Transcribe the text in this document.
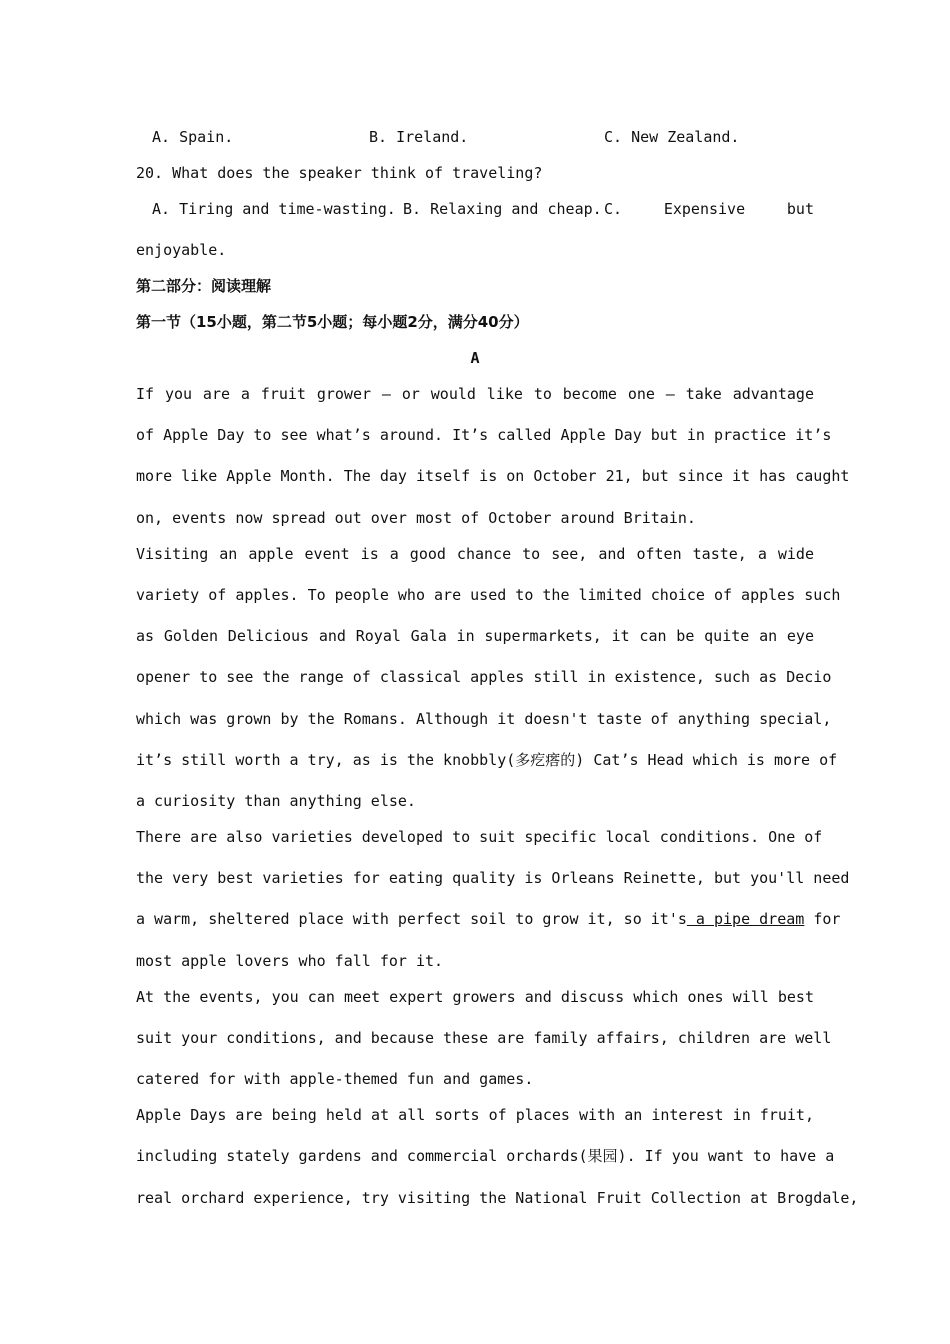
A. Spain.	B. Ireland.	C. New Zealand.
20. What does the speaker think of traveling?
A. Tiring and time-wasting. B. Relaxing and cheap. C. Expensive but
enjoyable.
第二部分：阅读理解
第一节（15小题，第二节5小题；每小题2分，满分40分）
A
If you are a fruit grower — or would like to become one — take advantage
of Apple Day to see what’s around. It’s called Apple Day but in practice it’s
more like Apple Month. The day itself is on October 21, but since it has caught
on, events now spread out over most of October around Britain.
Visiting an apple event is a good chance to see, and often taste, a wide
variety of apples. To people who are used to the limited choice of apples such
as Golden Delicious and Royal Gala in supermarkets, it can be quite an eye
opener to see the range of classical apples still in existence, such as Decio
which was grown by the Romans. Although it doesn't taste of anything special,
it’s still worth a try, as is the knobbly(多疙瘩的) Cat’s Head which is more of
a curiosity than anything else.
There are also varieties developed to suit specific local conditions. One of
the very best varieties for eating quality is Orleans Reinette, but you'll need
a warm, sheltered place with perfect soil to grow it, so it's a pipe dream for
most apple lovers who fall for it.
At the events, you can meet expert growers and discuss which ones will best
suit your conditions, and because these are family affairs, children are well
catered for with apple-themed fun and games.
Apple Days are being held at all sorts of places with an interest in fruit,
including stately gardens and commercial orchards(果园). If you want to have a
real orchard experience, try visiting the National Fruit Collection at Brogdale,
